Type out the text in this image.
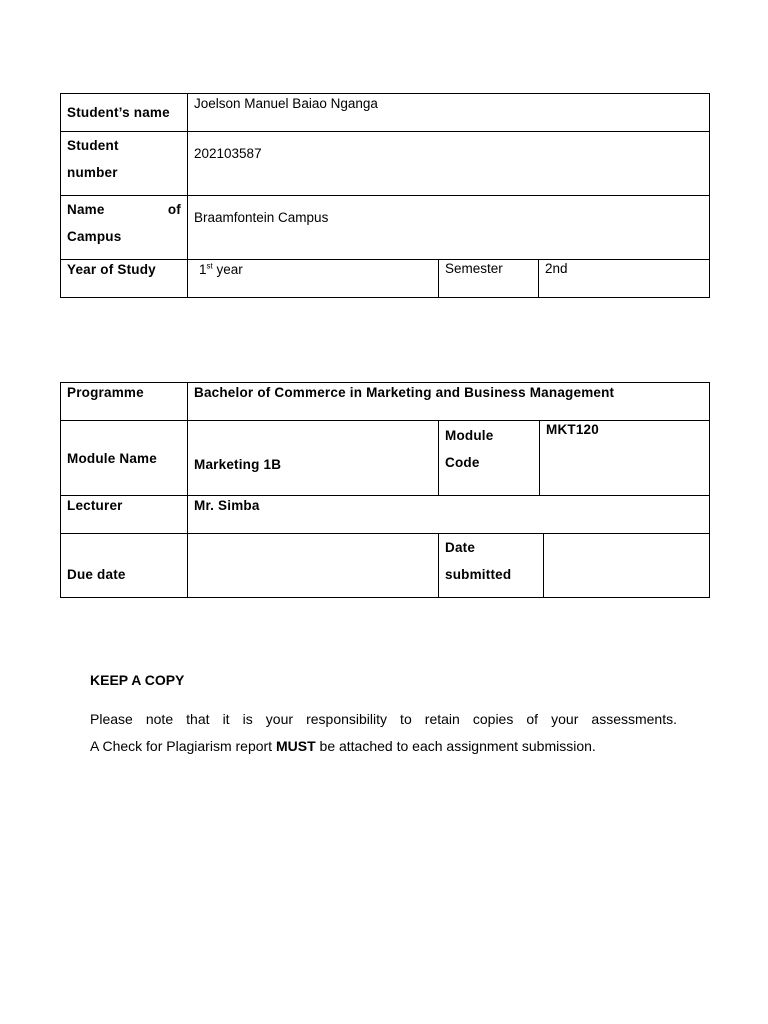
Student’s name	Joelson Manuel Baiao Nganga		

Student
number	202103587		

Name of
Campus	Braamfontein Campus		
Year of Study	1st year	Semester	2nd
Programme	Bachelor of Commerce in Marketing and Business Management			
Module Name	Marketing 1B	Module
Code	MKT120	
Lecturer	Mr. Simba			
Due date		Date
submitted		

KEEP A COPY
Please note that it is your responsibility to retain copies of your assessments.
A Check for Plagiarism report MUST be attached to each assignment submission.
